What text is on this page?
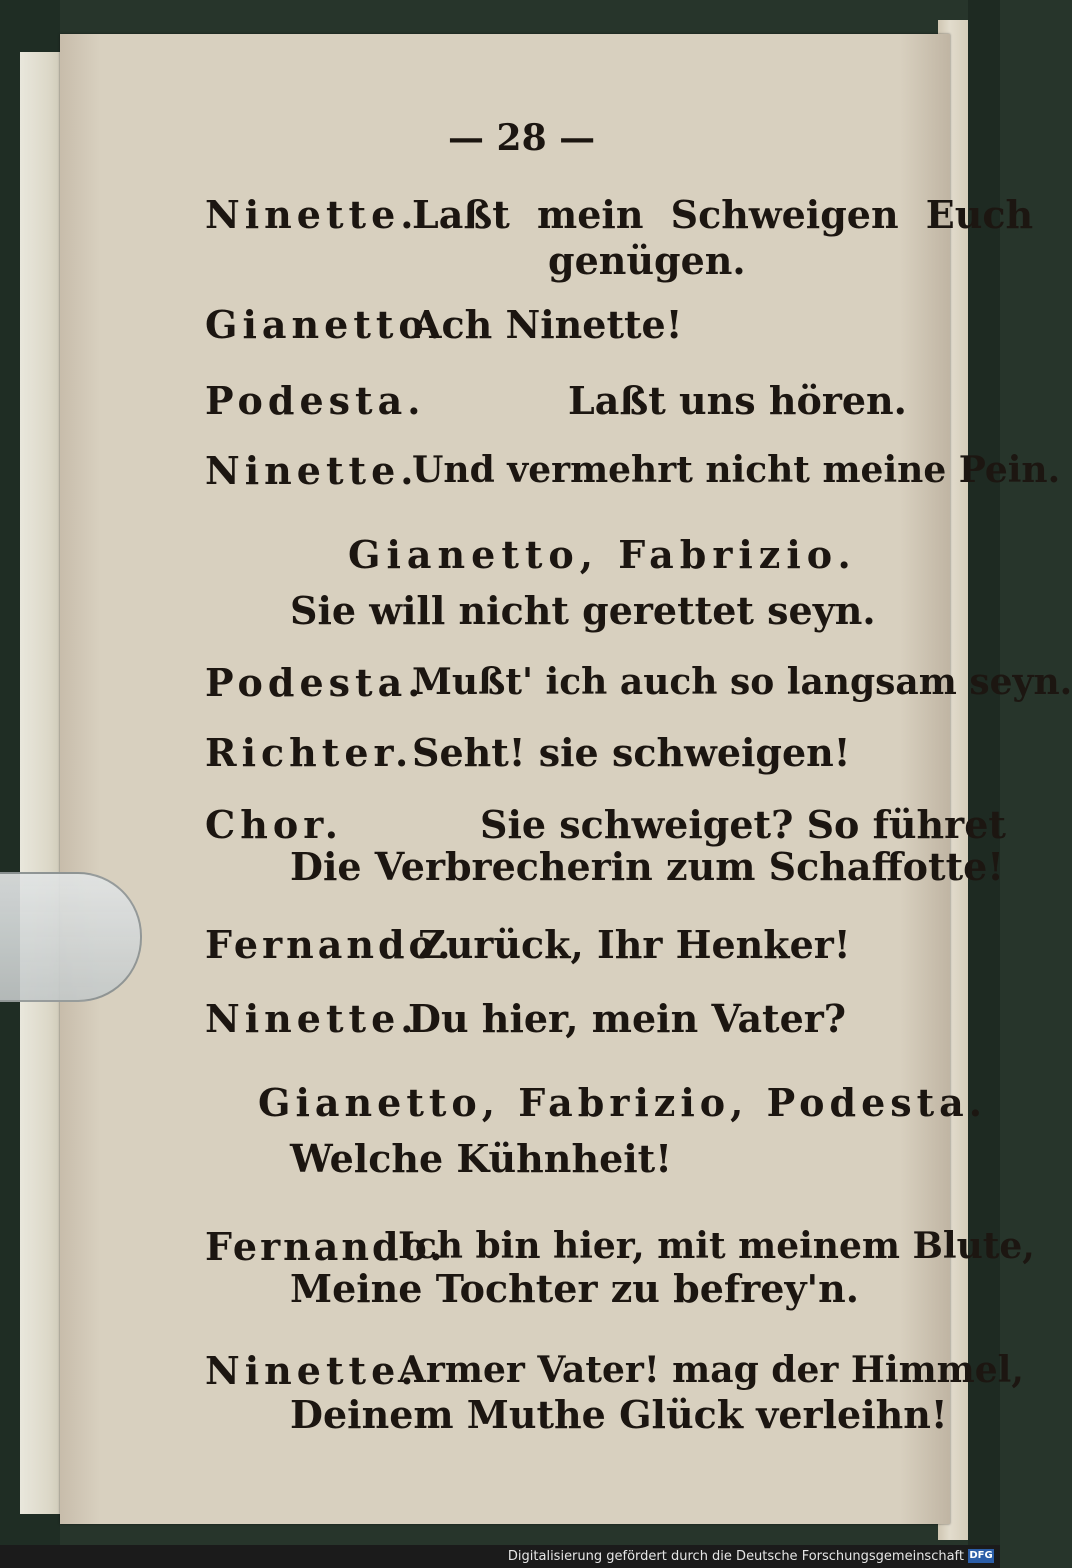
— 28 —
Ninette.
Laßt mein Schweigen Euch
genügen.
Gianetto.
Ach Ninette!
Podesta.	Laßt uns hören.
Ninette.
Und vermehrt nicht meine Pein.
Gianetto, Fabrizio.
Sie will nicht gerettet seyn.
Podesta.
Mußt' ich auch so langsam seyn.
Richter.
Seht! sie schweigen!
Chor.	Sie schweiget? So führet
Die Verbrecherin zum Schaffotte!
Fernando.
Zurück, Ihr Henker!
Ninette.
Du hier, mein Vater?
Gianetto, Fabrizio, Podesta.
Welche Kühnheit!
Fernando.
Ich bin hier, mit meinem Blute,
Meine Tochter zu befrey'n.
Ninette.
Armer Vater! mag der Himmel,
Deinem Muthe Glück verleihn!
Digitalisierung gefördert durch die Deutsche Forschungsgemeinschaft DFG
